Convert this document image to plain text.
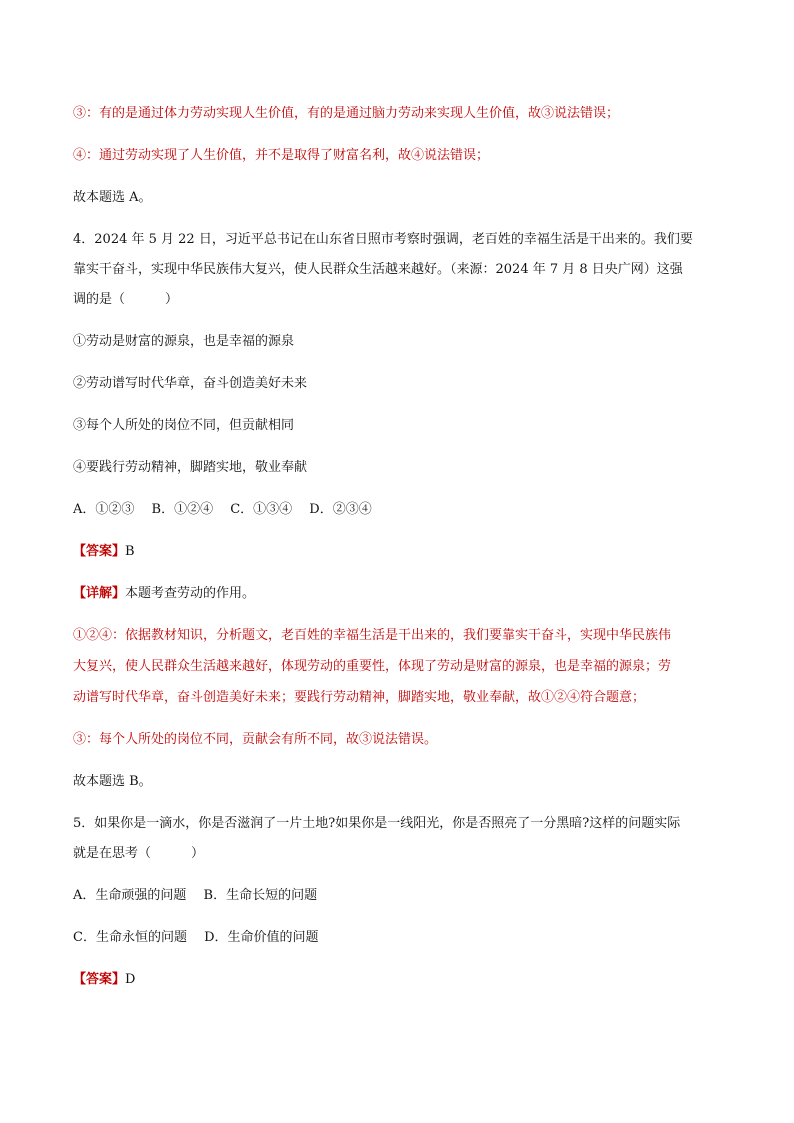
③：有的是通过体力劳动实现人生价值，有的是通过脑力劳动来实现人生价值，故③说法错误；

④：通过劳动实现了人生价值，并不是取得了财富名利，故④说法错误；

故本题选 A。

4．2024 年 5 月 22 日，习近平总书记在山东省日照市考察时强调，老百姓的幸福生活是干出来的。我们要

靠实干奋斗，实现中华民族伟大复兴，使人民群众生活越来越好。（来源：2024 年 7 月 8 日央广网）这强

调的是（	）

①劳动是财富的源泉，也是幸福的源泉

②劳动谱写时代华章，奋斗创造美好未来

③每个人所处的岗位不同，但贡献相同

④要践行劳动精神，脚踏实地，敬业奉献

A．①②③　 B．①②④　 C．①③④　 D．②③④

【答案】B

【详解】本题考查劳动的作用。

①②④：依据教材知识，分析题文，老百姓的幸福生活是干出来的，我们要靠实干奋斗，实现中华民族伟

大复兴，使人民群众生活越来越好，体现劳动的重要性，体现了劳动是财富的源泉，也是幸福的源泉；劳

动谱写时代华章，奋斗创造美好未来；要践行劳动精神，脚踏实地，敬业奉献，故①②④符合题意；

③：每个人所处的岗位不同，贡献会有所不同，故③说法错误。

故本题选 B。

5．如果你是一滴水，你是否滋润了一片土地?如果你是一线阳光，你是否照亮了一分黑暗?这样的问题实际

就是在思考（	）

A．生命顽强的问题　 B．生命长短的问题

C．生命永恒的问题　 D．生命价值的问题

【答案】D
